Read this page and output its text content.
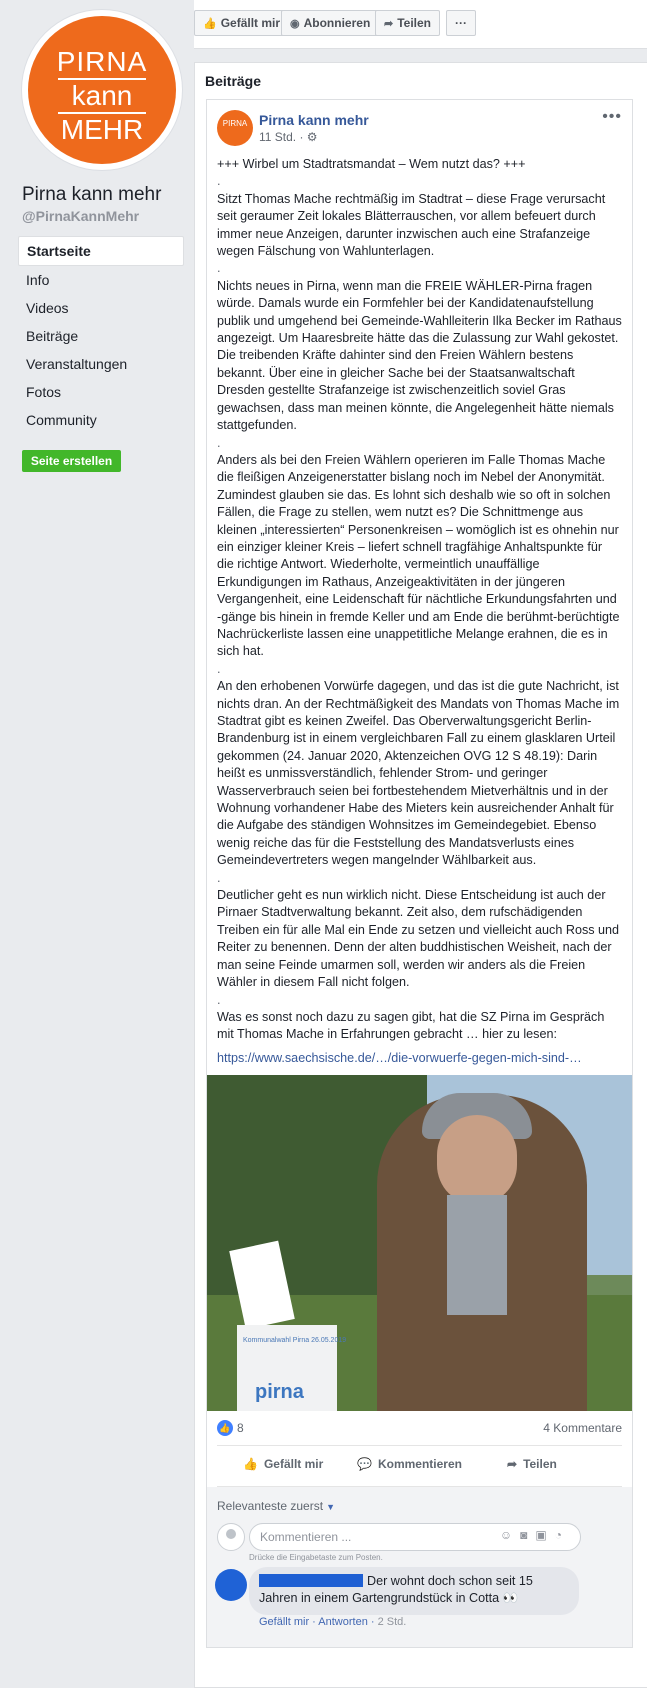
PIRNA
kann
MEHR
Pirna kann mehr
@PirnaKannMehr
Startseite
Info
Videos
Beiträge
Veranstaltungen
Fotos
Community
Seite erstellen
👍 Gefällt mir ◉ Abonnieren	➦ Teilen	···
Beiträge
PIRNA Pirna kann mehr
11 Std. · ⚙
•••

+++ Wirbel um Stadtratsmandat – Wem nutzt das? +++

.

Sitzt Thomas Mache rechtmäßig im Stadtrat – diese Frage verursacht seit geraumer Zeit lokales Blätterrauschen, vor allem befeuert durch immer neue Anzeigen, darunter inzwischen auch eine Strafanzeige wegen Fälschung von Wahlunterlagen.

.

Nichts neues in Pirna, wenn man die FREIE WÄHLER-Pirna fragen würde. Damals wurde ein Formfehler bei der Kandidatenaufstellung publik und umgehend bei Gemeinde-Wahlleiterin Ilka Becker im Rathaus angezeigt. Um Haaresbreite hätte das die Zulassung zur Wahl gekostet. Die treibenden Kräfte dahinter sind den Freien Wählern bestens bekannt. Über eine in gleicher Sache bei der Staatsanwaltschaft Dresden gestellte Strafanzeige ist zwischenzeitlich soviel Gras gewachsen, dass man meinen könnte, die Angelegenheit hätte niemals stattgefunden.

.

Anders als bei den Freien Wählern operieren im Falle Thomas Mache die fleißigen Anzeigenerstatter bislang noch im Nebel der Anonymität. Zumindest glauben sie das. Es lohnt sich deshalb wie so oft in solchen Fällen, die Frage zu stellen, wem nutzt es? Die Schnittmenge aus kleinen „interessierten“ Personenkreisen – womöglich ist es ohnehin nur ein einziger kleiner Kreis – liefert schnell tragfähige Anhaltspunkte für die richtige Antwort. Wiederholte, vermeintlich unauffällige Erkundigungen im Rathaus, Anzeigeaktivitäten in der jüngeren Vergangenheit, eine Leidenschaft für nächtliche Erkundungsfahrten und -gänge bis hinein in fremde Keller und am Ende die berühmt-berüchtigte Nachrückerliste lassen eine unappetitliche Melange erahnen, die es in sich hat.

.

An den erhobenen Vorwürfe dagegen, und das ist die gute Nachricht, ist nichts dran. An der Rechtmäßigkeit des Mandats von Thomas Mache im Stadtrat gibt es keinen Zweifel. Das Oberverwaltungsgericht Berlin-Brandenburg ist in einem vergleichbaren Fall zu einem glasklaren Urteil gekommen (24. Januar 2020, Aktenzeichen OVG 12 S 48.19): Darin heißt es unmissverständlich, fehlender Strom- und geringer Wasserverbrauch seien bei fortbestehendem Mietverhältnis und in der Wohnung vorhandener Habe des Mieters kein ausreichender Anhalt für die Aufgabe des ständigen Wohnsitzes im Gemeindegebiet. Ebenso wenig reiche das für die Feststellung des Mandatsverlusts eines Gemeindevertreters wegen mangelnder Wählbarkeit aus.

.

Deutlicher geht es nun wirklich nicht. Diese Entscheidung ist auch der Pirnaer Stadtverwaltung bekannt. Zeit also, dem rufschädigenden Treiben ein für alle Mal ein Ende zu setzen und vielleicht auch Ross und Reiter zu benennen. Denn der alten buddhistischen Weisheit, nach der man seine Feinde umarmen soll, werden wir anders als die Freien Wähler in diesem Fall nicht folgen.

.

Was es sonst noch dazu zu sagen gibt, hat die SZ Pirna im Gespräch mit Thomas Mache in Erfahrungen gebracht … hier zu lesen:

https://www.saechsische.de/…/die-vorwuerfe-gegen-mich-sind-…

Kommunalwahl Pirna 26.05.2019
pirna
👍 8	4 Kommentare
👍 Gefällt mir	💬 Kommentieren	➦ Teilen
Relevanteste zuerst ▼
Kommentieren ...	☺◙▣◔
Drücke die Eingabetaste zum Posten.
Der wohnt doch schon seit 15 Jahren in einem Gartengrundstück in Cotta 👀
Gefällt mir · Antworten · 2 Std.
